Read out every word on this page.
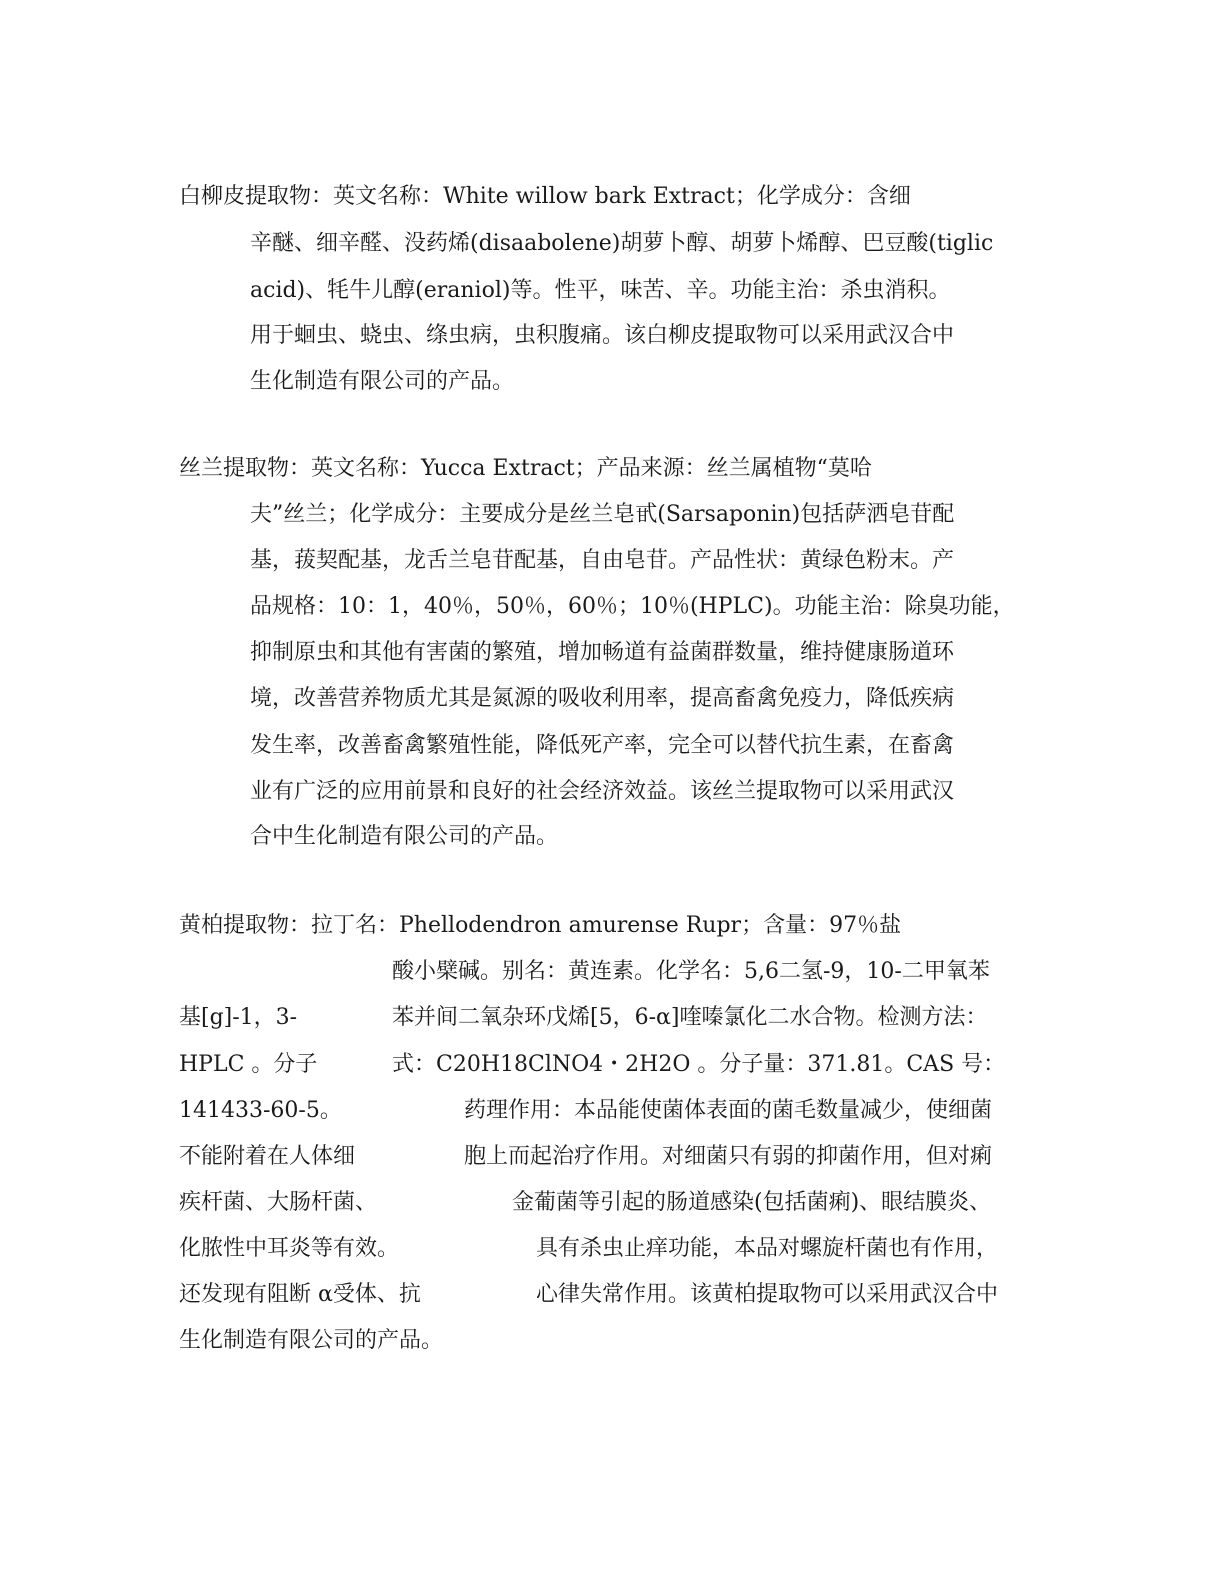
白柳皮提取物：英文名称：White willow bark Extract；化学成分：含细
辛醚、细辛醛、没药烯(disaabolene)胡萝卜醇、胡萝卜烯醇、巴豆酸(tiglic
acid)、牦牛儿醇(eraniol)等。性平，味苦、辛。功能主治：杀虫消积。
用于蛔虫、蛲虫、绦虫病，虫积腹痛。该白柳皮提取物可以采用武汉合中
生化制造有限公司的产品。
丝兰提取物：英文名称：Yucca Extract；产品来源：丝兰属植物“莫哈
夫”丝兰；化学成分：主要成分是丝兰皂甙(Sarsaponin)包括萨洒皂苷配
基，菝契配基，龙舌兰皂苷配基，自由皂苷。产品性状：黄绿色粉末。产
品规格：10：1，40％，50％，60％；10％(HPLC)。功能主治：除臭功能，
抑制原虫和其他有害菌的繁殖，增加畅道有益菌群数量，维持健康肠道环
境，改善营养物质尤其是氮源的吸收利用率，提高畜禽免疫力，降低疾病
发生率，改善畜禽繁殖性能，降低死产率，完全可以替代抗生素，在畜禽
业有广泛的应用前景和良好的社会经济效益。该丝兰提取物可以采用武汉
合中生化制造有限公司的产品。
黄柏提取物：拉丁名：Phellodendron amurense Rupr；含量：97％盐
酸小檗碱。别名：黄连素。化学名：5,6二氢-9，10-二甲氧苯
基[g]-1，3-	苯并间二氧杂环戊烯[5，6-α]喹嗪氯化二水合物。检测方法：
HPLC 。分子	式：C20H18ClNO4・2H2O 。分子量：371.81。CAS 号：
141433-60-5。	药理作用：本品能使菌体表面的菌毛数量减少，使细菌
不能附着在人体细	胞上而起治疗作用。对细菌只有弱的抑菌作用，但对痢
疾杆菌、大肠杆菌、	金葡菌等引起的肠道感染(包括菌痢)、眼结膜炎、
化脓性中耳炎等有效。	具有杀虫止痒功能，本品对螺旋杆菌也有作用，
还发现有阻断 α受体、抗	心律失常作用。该黄柏提取物可以采用武汉合中
生化制造有限公司的产品。
